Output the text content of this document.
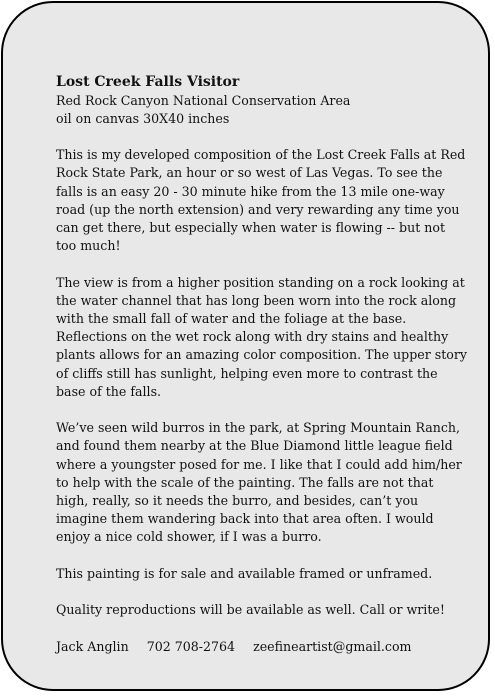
Lost Creek Falls Visitor

Red Rock Canyon National Conservation Area

oil on canvas 30X40 inches

This is my developed composition of the Lost Creek Falls at Red Rock State Park, an hour or so west of Las Vegas. To see the falls is an easy 20 - 30 minute hike from the 13 mile one-way road (up the north extension) and very rewarding any time you can get there, but especially when water is flowing -- but not too much!

The view is from a higher position standing on a rock looking at the water channel that has long been worn into the rock along with the small fall of water and the foliage at the base. Reflections on the wet rock along with dry stains and healthy plants allows for an amazing color composition. The upper story of cliffs still has sunlight, helping even more to contrast the base of the falls.

We’ve seen wild burros in the park, at Spring Mountain Ranch, and found them nearby at the Blue Diamond little league field where a youngster posed for me. I like that I could add him/her to help with the scale of the painting. The falls are not that high, really, so it needs the burro, and besides, can’t you imagine them wandering back into that area often. I would enjoy a nice cold shower, if I was a burro.

This painting is for sale and available framed or unframed.

Quality reproductions will be available as well. Call or write!

Jack Anglin 702 708-2764 zeefineartist@gmail.com
